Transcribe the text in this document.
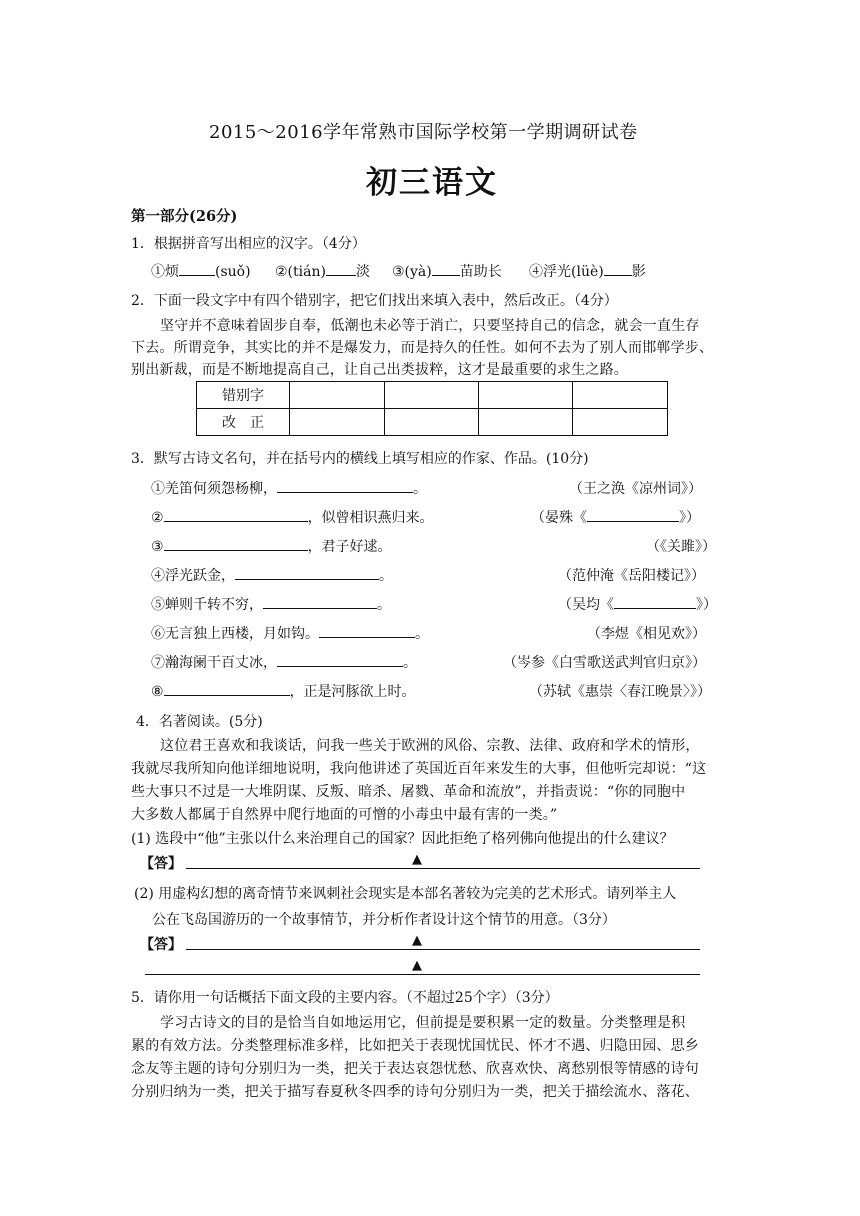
2015～2016学年常熟市国际学校第一学期调研试卷
初三语文
第一部分(26分)
1．根据拼音写出相应的汉字。（4分）
①烦	(suǒ) ②(tián) 淡 ③(yà) 苗助长 ④浮光(lüè) 影
2．下面一段文字中有四个错别字，把它们找出来填入表中，然后改正。（4分）
坚守并不意味着固步自奉，低潮也未必等于消亡，只要坚持自己的信念，就会一直生存
下去。所谓竞争，其实比的并不是爆发力，而是持久的任性。如何不去为了别人而邯郸学步、
别出新裁，而是不断地提高自己，让自己出类拔粹，这才是最重要的求生之路。
错别字				
改　正				
3．默写古诗文名句，并在括号内的横线上填写相应的作家、作品。(10分)
①羌笛何须怨杨柳，	。	（王之涣《凉州词》）
②	，似曾相识燕归来。	（晏殊《	》）
③	，君子好逑。	（《关雎》）
④浮光跃金，	。	（范仲淹《岳阳楼记》）
⑤蝉则千转不穷，	。	（吴均《	》）
⑥无言独上西楼，月如钩。	。	（李煜《相见欢》）
⑦瀚海阑干百丈冰，	。	（岑参《白雪歌送武判官归京》）
⑧	，正是河豚欲上时。	（苏轼《惠崇〈春江晚景〉》）
4．名著阅读。(5分)
这位君王喜欢和我谈话，问我一些关于欧洲的风俗、宗教、法律、政府和学术的情形，
我就尽我所知向他详细地说明，我向他讲述了英国近百年来发生的大事，但他听完却说：“这
些大事只不过是一大堆阴谋、反叛、暗杀、屠戮、革命和流放”，并指责说：“你的同胞中
大多数人都属于自然界中爬行地面的可憎的小毒虫中最有害的一类。”
(1) 选段中“他”主张以什么来治理自己的国家？因此拒绝了格列佛向他提出的什么建议？
【答】	▲
(2) 用虚构幻想的离奇情节来讽刺社会现实是本部名著较为完美的艺术形式。请列举主人
公在飞岛国游历的一个故事情节，并分析作者设计这个情节的用意。（3分）
【答】	▲
▲
5．请你用一句话概括下面文段的主要内容。（不超过25个字）（3分）
学习古诗文的目的是恰当自如地运用它，但前提是要积累一定的数量。分类整理是积
累的有效方法。分类整理标准多样，比如把关于表现忧国忧民、怀才不遇、归隐田园、思乡
念友等主题的诗句分别归为一类，把关于表达哀怨忧愁、欣喜欢快、离愁别恨等情感的诗句
分别归纳为一类，把关于描写春夏秋冬四季的诗句分别归为一类，把关于描绘流水、落花、
